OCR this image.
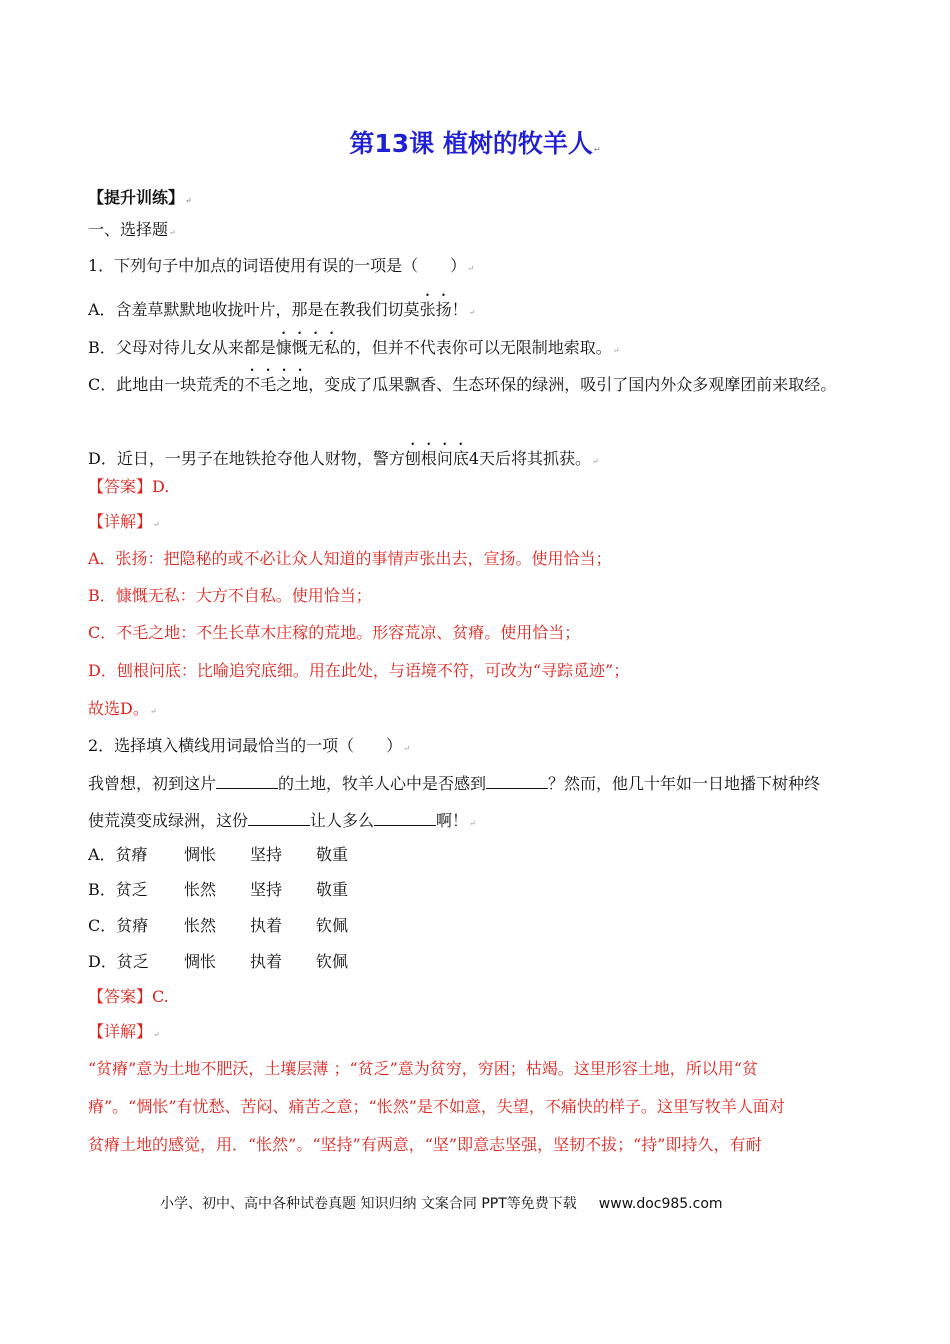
第13课 植树的牧羊人↵
【提升训练】↵
一、选择题↵
1．下列句子中加点的词语使用有误的一项是（　　）↵
A．含羞草默默地收拢叶片，那是在教我们切莫张扬！↵
B．父母对待儿女从来都是慷慨无私的，但并不代表你可以无限制地索取。↵
C．此地由一块荒秃的不毛之地，变成了瓜果飘香、生态环保的绿洲，吸引了国内外众多观摩团前来取经。
D．近日，一男子在地铁抢夺他人财物，警方刨根问底4天后将其抓获。↵
【答案】D.
【详解】↵
A．张扬：把隐秘的或不必让众人知道的事情声张出去，宣扬。使用恰当；
B．慷慨无私：大方不自私。使用恰当；
C．不毛之地：不生长草木庄稼的荒地。形容荒凉、贫瘠。使用恰当；
D．刨根问底：比喻追究底细。用在此处，与语境不符，可改为“寻踪觅迹”；
故选D。↵
2．选择填入横线用词最恰当的一项（　　）↵
我曾想，初到这片	的土地，牧羊人心中是否感到	？然而，他几十年如一日地播下树种终
使荒漠变成绿洲，这份	让人多么	啊！↵
A．贫瘠 惆怅 坚持 敬重
B．贫乏 怅然 坚持 敬重
C．贫瘠 怅然 执着 钦佩
D．贫乏 惆怅 执着 钦佩
【答案】C.
【详解】↵
“贫瘠”意为土地不肥沃，土壤层薄 ；“贫乏”意为贫穷，穷困；枯竭。这里形容土地，所以用“贫
瘠”。“惆怅”有忧愁、苦闷、痛苦之意；“怅然”是不如意，失望，不痛快的样子。这里写牧羊人面对
贫瘠土地的感觉，用．“怅然”。“坚持”有两意，“坚”即意志坚强，坚韧不拔；“持”即持久，有耐
小学、初中、高中各种试卷真题 知识归纳 文案合同 PPT等免费下载 www.doc985.com
